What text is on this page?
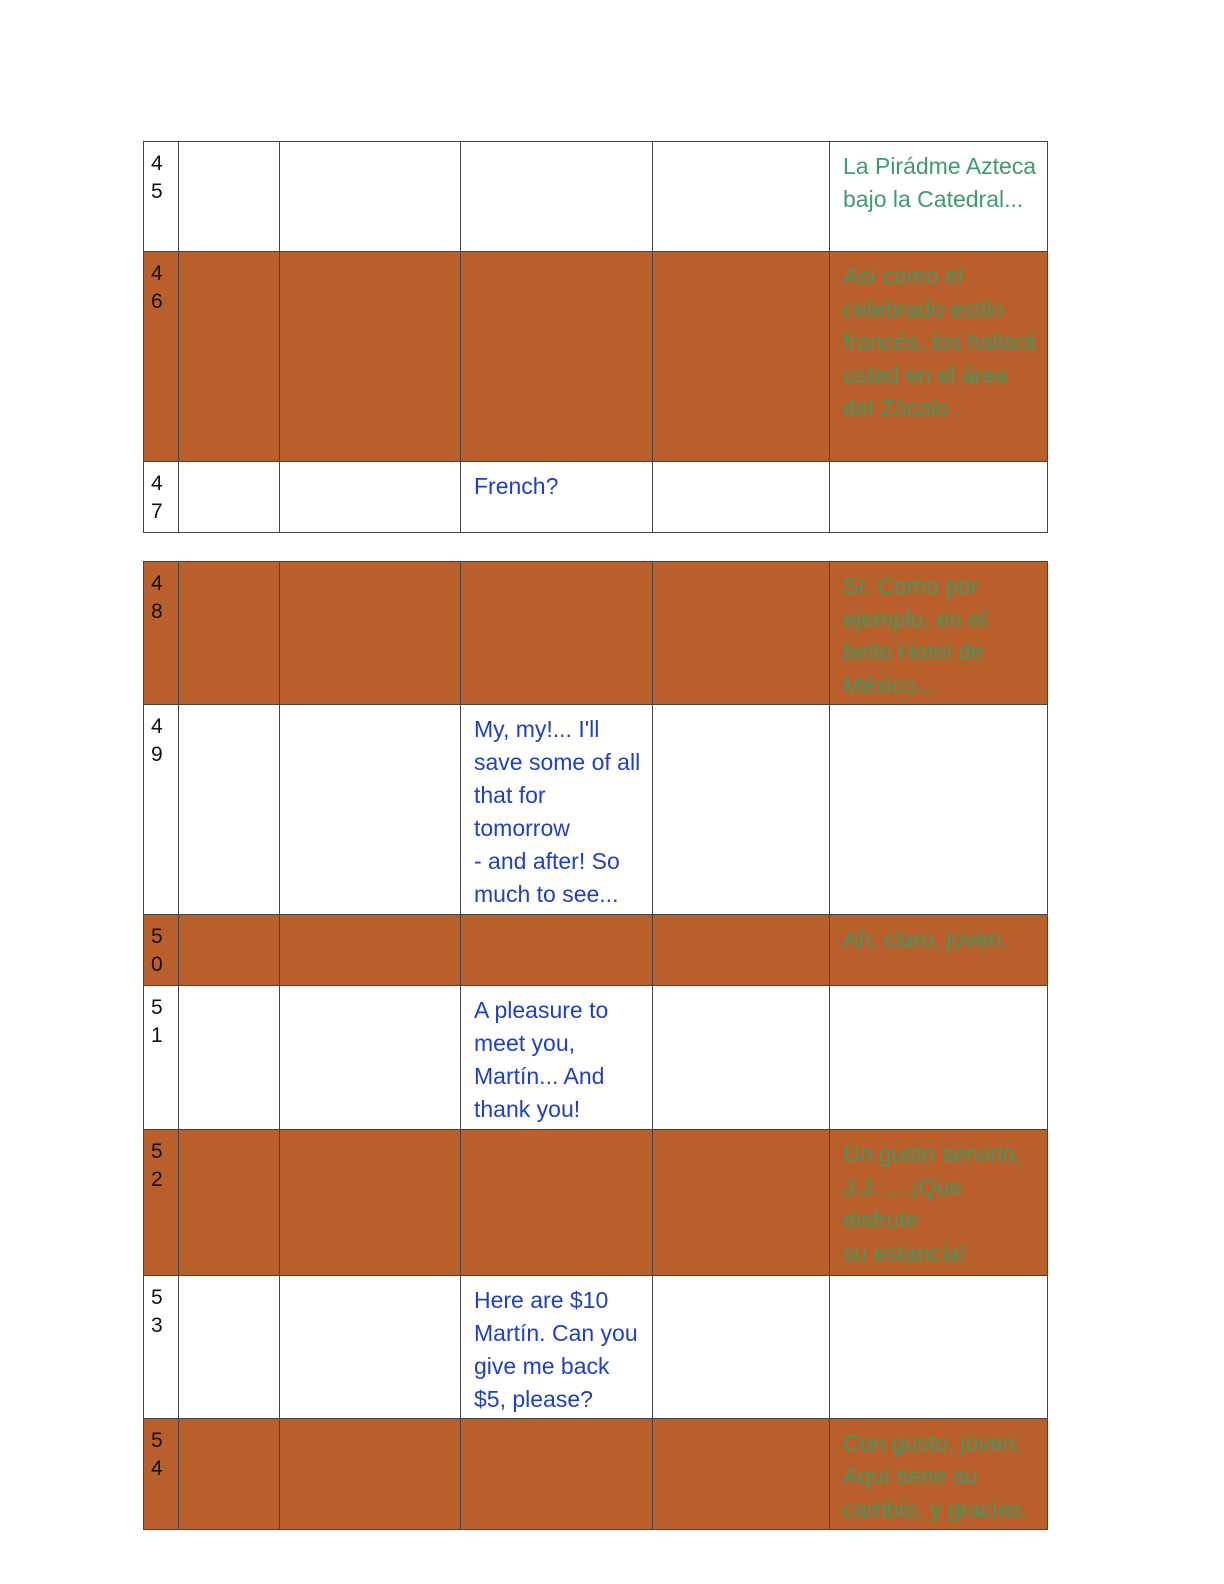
45					La Pirádme Azteca bajo la Catedral...

46					Así como el celebrado estilo francés, los hallará usted en el área del Zócalo .

47			French?		

48					Sí. Como por ejemplo, en el bello Hotel de México...

49			My, my!... I'll save some of all that for tomorrow
- and after! So much to see...		

50					Ah, claro, joven.

51			A pleasure to meet you, Martín... And thank you!		

52					Un gusto servirlo, J.J. ....¡Que disfrute
su estancia!

53			Here are $10 Martín. Can you give me back $5, please?		

54					Con gusto, joven. Aquí tiene su cambio, y gracias.
